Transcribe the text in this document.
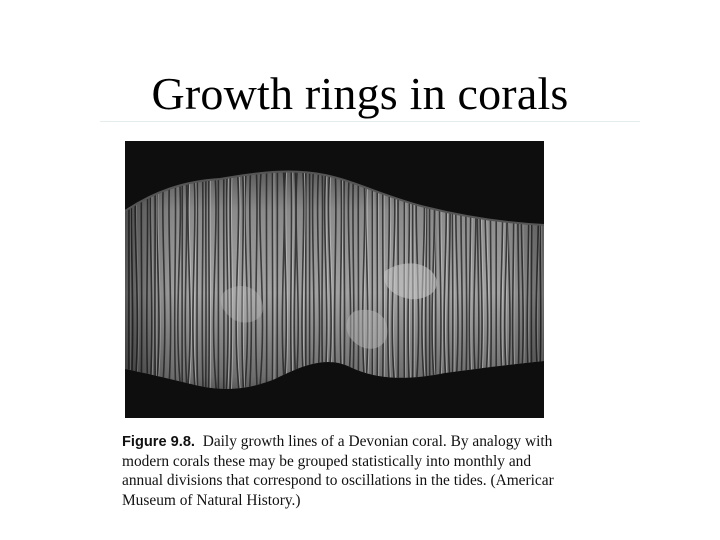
Growth rings in corals
Figure 9.8. Daily growth lines of a Devonian coral. By analogy with
modern corals these may be grouped statistically into monthly and
annual divisions that correspond to oscillations in the tides. (Americar
Museum of Natural History.)
